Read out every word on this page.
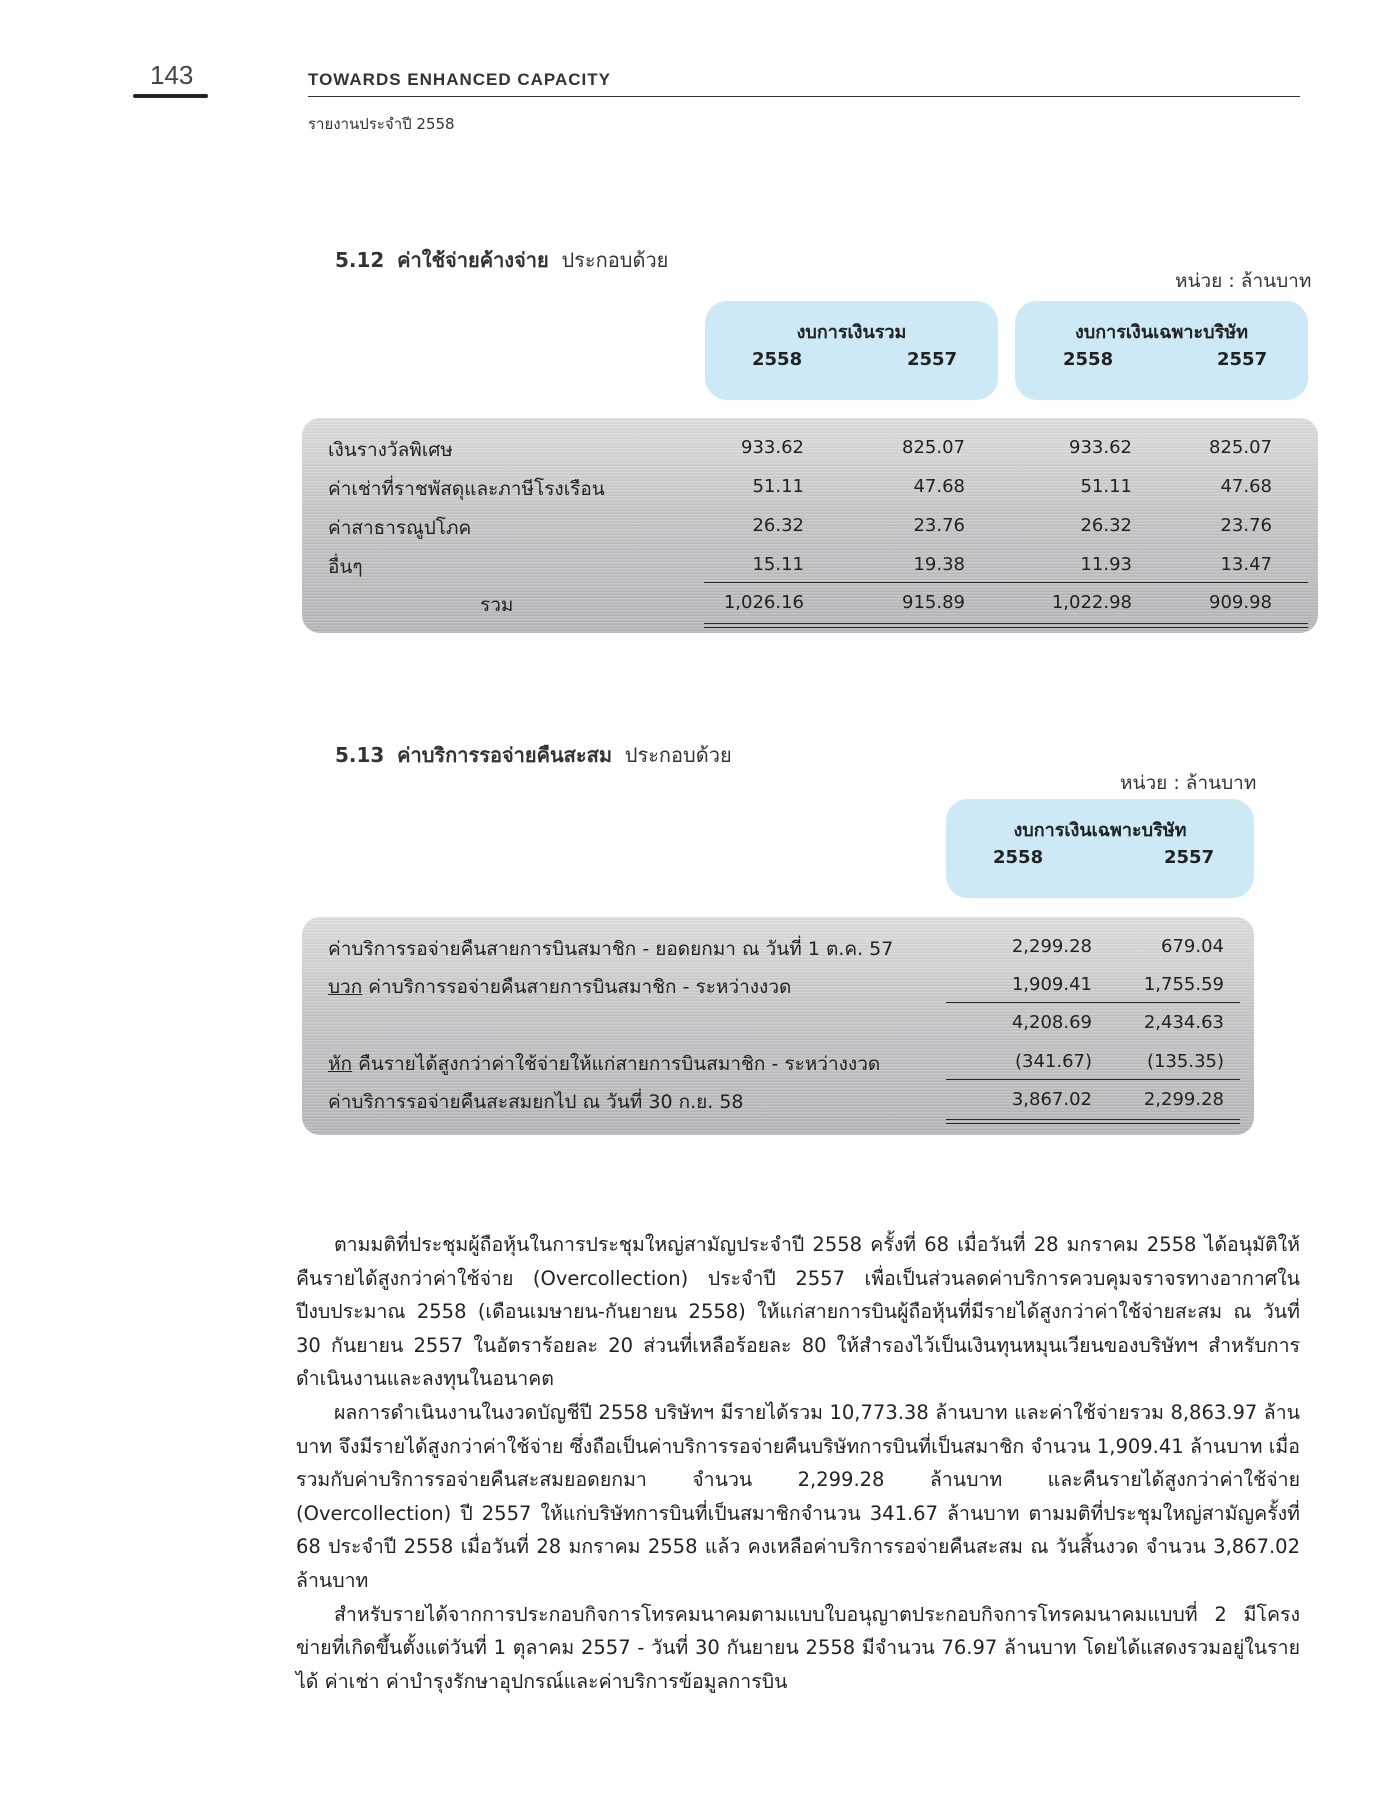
143	TOWARDS ENHANCED CAPACITY
รายงานประจำปี 2558
5.12 ค่าใช้จ่ายค้างจ่าย ประกอบด้วย
หน่วย : ล้านบาท
งบการเงินรวม
2558	2557
งบการเงินเฉพาะบริษัท
2558	2557
เงินรางวัลพิเศษ	933.62	825.07	933.62	825.07
ค่าเช่าที่ราชพัสดุและภาษีโรงเรือน	51.11	47.68	51.11	47.68
ค่าสาธารณูปโภค	26.32	23.76	26.32	23.76
อื่นๆ	15.11	19.38	11.93	13.47
รวม	1,026.16	915.89	1,022.98	909.98
5.13 ค่าบริการรอจ่ายคืนสะสม ประกอบด้วย
หน่วย : ล้านบาท
งบการเงินเฉพาะบริษัท
2558	2557
ค่าบริการรอจ่ายคืนสายการบินสมาชิก - ยอดยกมา ณ วันที่ 1 ต.ค. 57	2,299.28	679.04
บวก ค่าบริการรอจ่ายคืนสายการบินสมาชิก - ระหว่างงวด	1,909.41	1,755.59
4,208.69	2,434.63
หัก คืนรายได้สูงกว่าค่าใช้จ่ายให้แก่สายการบินสมาชิก - ระหว่างงวด	(341.67)	(135.35)
ค่าบริการรอจ่ายคืนสะสมยกไป ณ วันที่ 30 ก.ย. 58	3,867.02	2,299.28

ตามมติที่ประชุมผู้ถือหุ้นในการประชุมใหญ่สามัญประจำปี 2558 ครั้งที่ 68 เมื่อวันที่ 28 มกราคม 2558 ได้อนุมัติให้คืนรายได้สูงกว่าค่าใช้จ่าย (Overcollection) ประจำปี 2557 เพื่อเป็นส่วนลดค่าบริการควบคุมจราจรทางอากาศในปีงบประมาณ 2558 (เดือนเมษายน-กันยายน 2558) ให้แก่สายการบินผู้ถือหุ้นที่มีรายได้สูงกว่าค่าใช้จ่ายสะสม ณ วันที่ 30 กันยายน 2557 ในอัตราร้อยละ 20 ส่วนที่เหลือร้อยละ 80 ให้สำรองไว้เป็นเงินทุนหมุนเวียนของบริษัทฯ สำหรับการดำเนินงานและลงทุนในอนาคต

ผลการดำเนินงานในงวดบัญชีปี 2558 บริษัทฯ มีรายได้รวม 10,773.38 ล้านบาท และค่าใช้จ่ายรวม 8,863.97 ล้านบาท จึงมีรายได้สูงกว่าค่าใช้จ่าย ซึ่งถือเป็นค่าบริการรอจ่ายคืนบริษัทการบินที่เป็นสมาชิก จำนวน 1,909.41 ล้านบาท เมื่อรวมกับค่าบริการรอจ่ายคืนสะสมยอดยกมา จำนวน 2,299.28 ล้านบาท และคืนรายได้สูงกว่าค่าใช้จ่าย (Overcollection) ปี 2557 ให้แก่บริษัทการบินที่เป็นสมาชิกจำนวน 341.67 ล้านบาท ตามมติที่ประชุมใหญ่สามัญครั้งที่ 68 ประจำปี 2558 เมื่อวันที่ 28 มกราคม 2558 แล้ว คงเหลือค่าบริการรอจ่ายคืนสะสม ณ วันสิ้นงวด จำนวน 3,867.02 ล้านบาท

สำหรับรายได้จากการประกอบกิจการโทรคมนาคมตามแบบใบอนุญาตประกอบกิจการโทรคมนาคมแบบที่ 2 มีโครงข่ายที่เกิดขึ้นตั้งแต่วันที่ 1 ตุลาคม 2557 - วันที่ 30 กันยายน 2558 มีจำนวน 76.97 ล้านบาท โดยได้แสดงรวมอยู่ในรายได้ ค่าเช่า ค่าบำรุงรักษาอุปกรณ์และค่าบริการข้อมูลการบิน
